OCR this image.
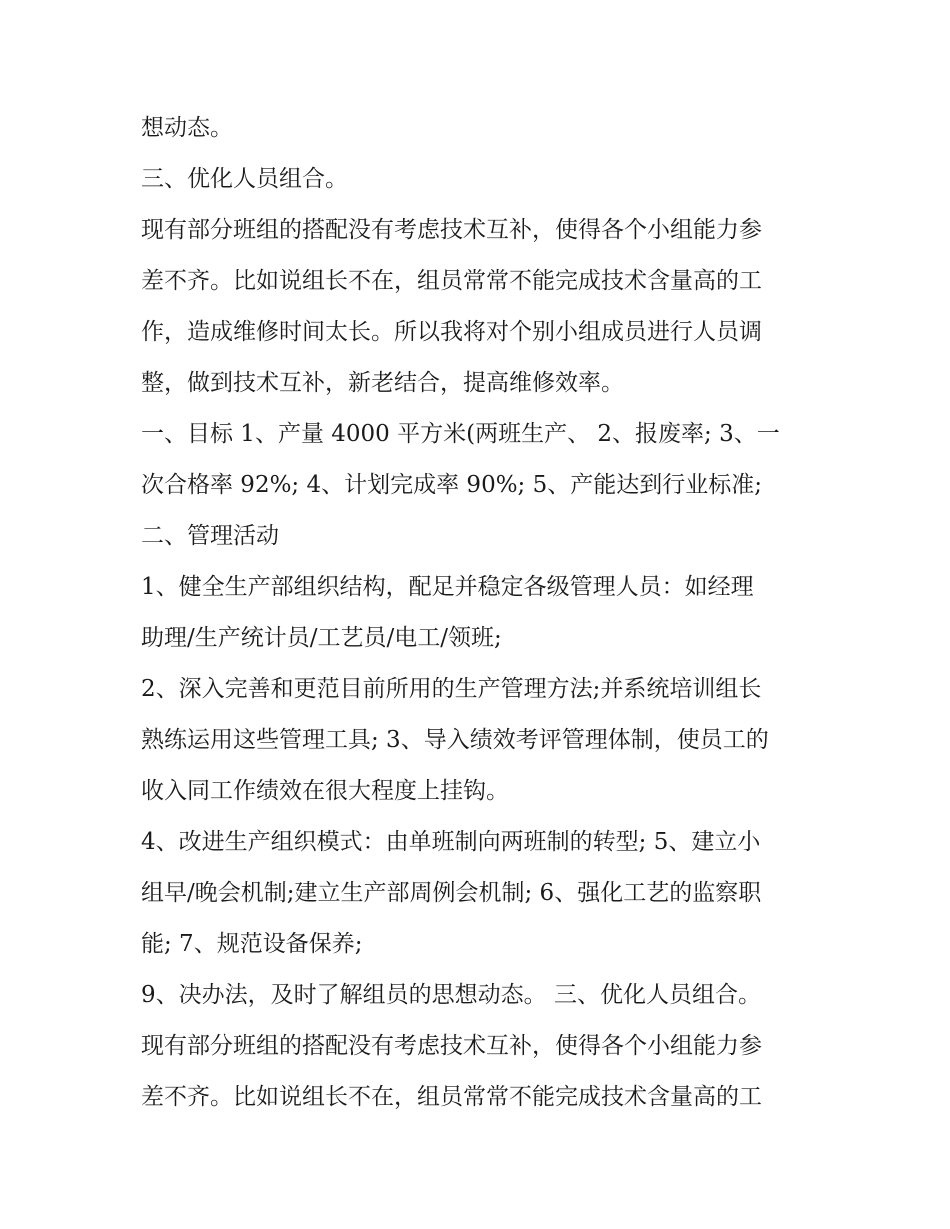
想动态。
三、优化人员组合。
现有部分班组的搭配没有考虑技术互补，使得各个小组能力参
差不齐。比如说组长不在，组员常常不能完成技术含量高的工
作，造成维修时间太长。所以我将对个别小组成员进行人员调
整，做到技术互补，新老结合，提高维修效率。
一、目标 1、产量 4000 平方米(两班生产、 2、报废率; 3、一
次合格率 92%; 4、计划完成率 90%; 5、产能达到行业标准;
二、管理活动
1、健全生产部组织结构，配足并稳定各级管理人员：如经理
助理/生产统计员/工艺员/电工/领班;
2、深入完善和更范目前所用的生产管理方法;并系统培训组长
熟练运用这些管理工具; 3、导入绩效考评管理体制，使员工的
收入同工作绩效在很大程度上挂钩。
4、改进生产组织模式：由单班制向两班制的转型; 5、建立小
组早/晚会机制;建立生产部周例会机制; 6、强化工艺的监察职
能; 7、规范设备保养;
9、决办法，及时了解组员的思想动态。 三、优化人员组合。
现有部分班组的搭配没有考虑技术互补，使得各个小组能力参
差不齐。比如说组长不在，组员常常不能完成技术含量高的工
